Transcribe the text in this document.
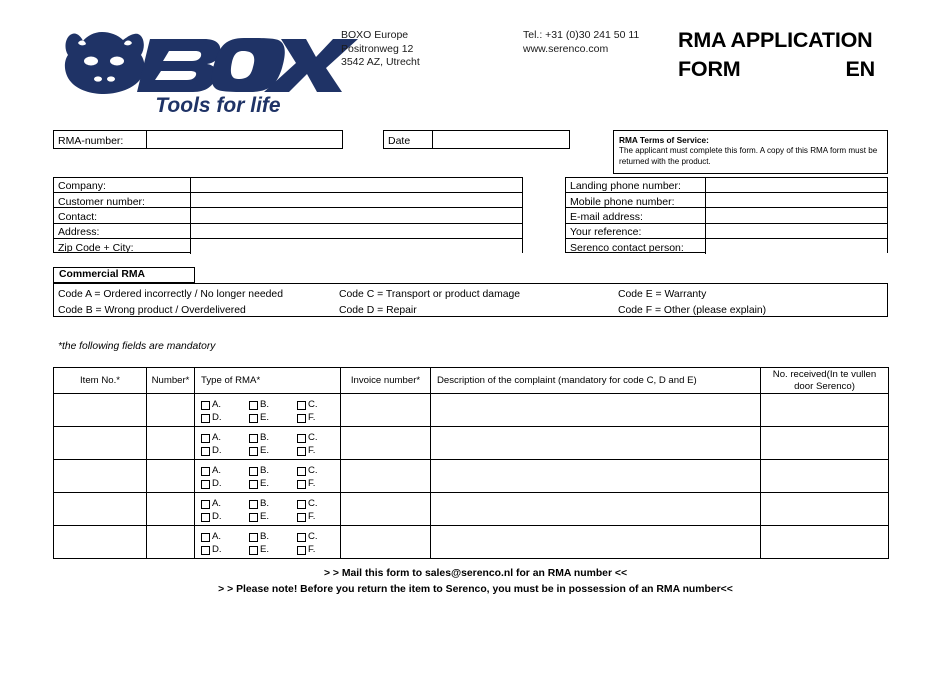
Tools for life
BOXO Europe
Positronweg 12
3542 AZ, Utrecht
Tel.: +31 (0)30 241 50 11
www.serenco.com	RMA APPLICATION
FORM	EN
RMA-number:	Date	RMA Terms of Service:
The applicant must complete this form. A copy of this RMA form must be returned with the product.
Company:
Customer number:
Contact:
Address:
Zip Code + City:
Landing phone number:
Mobile phone number:
E-mail address:
Your reference:
Serenco contact person:
Commercial RMA
Code A = Ordered incorrectly / No longer needed
Code B = Wrong product / Overdelivered
Code C = Transport or product damage
Code D = Repair
Code E = Warranty
Code F = Other (please explain)
*the following fields are mandatory
Item No.*	Number*	Type of RMA*	Invoice number*	Description of the complaint (mandatory for code C, D and E)	No. received(In te vullen door Serenco)

A.	B.	C.
D.	E.	F.

A.	B.	C.
D.	E.	F.

A.	B.	C.
D.	E.	F.

A.	B.	C.
D.	E.	F.

A.	B.	C.
D.	E.	F.

> > Mail this form to sales@serenco.nl for an RMA number <<
> > Please note! Before you return the item to Serenco, you must be in possession of an RMA number<<
